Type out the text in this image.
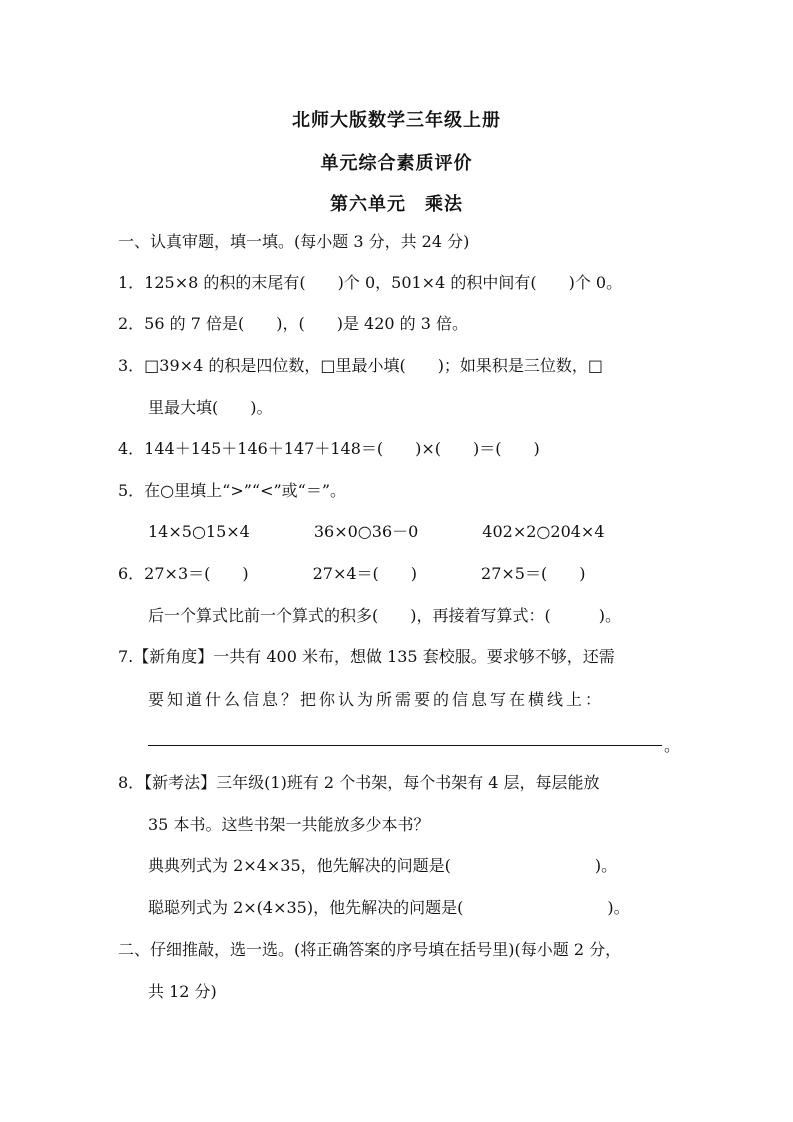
北师大版数学三年级上册
单元综合素质评价
第六单元　乘法
一、认真审题，填一填。(每小题 3 分，共 24 分)
1．125×8 的积的末尾有(　　)个 0，501×4 的积中间有(　　)个 0。
2．56 的 7 倍是(　　)，(　　)是 420 的 3 倍。
3．□39×4 的积是四位数，□里最小填(　　)；如果积是三位数，□
里最大填(　　)。
4．144＋145＋146＋147＋148＝(　　)×(　　)＝(　　)
5．在○里填上“>”“<”或“＝”。
14×5○15×4　　　　36×0○36－0　　　　402×2○204×4
6．27×3＝(　　)　　　　27×4＝(　　)　　　　27×5＝(　　)
后一个算式比前一个算式的积多(　　)，再接着写算式：(　　　)。
7.【新角度】一共有 400 米布，想做 135 套校服。要求够不够，还需
要知道什么信息？把你认为所需要的信息写在横线上：
。
8．【新考法】三年级(1)班有 2 个书架，每个书架有 4 层，每层能放
35 本书。这些书架一共能放多少本书？
典典列式为 2×4×35，他先解决的问题是(　　　　　　　　　)。
聪聪列式为 2×(4×35)，他先解决的问题是(　　　　　　　　　)。
二、仔细推敲，选一选。(将正确答案的序号填在括号里)(每小题 2 分，
共 12 分)
